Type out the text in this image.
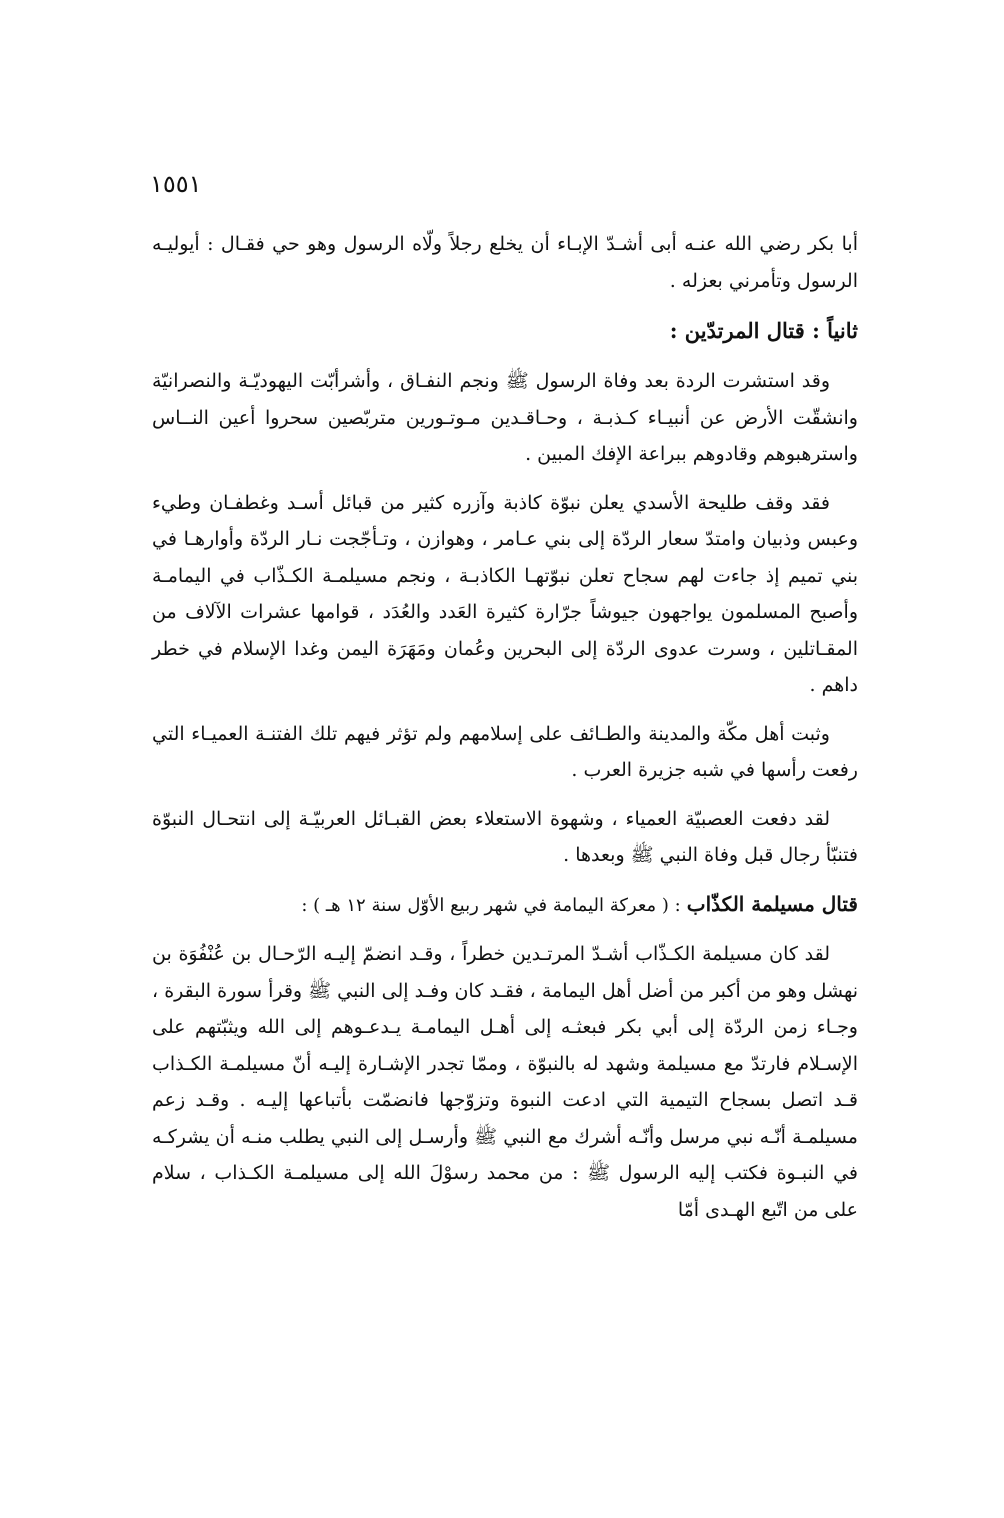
١٥٥١

أبا بكر رضي الله عنـه أبى أشـدّ الإبـاء أن يخلع رجلاً ولّاه الرسول وهو حي فقـال : أيوليـه الرسول وتأمرني بعزله .

ثانياً : قتال المرتدّين :

وقد استشرت الردة بعد وفاة الرسول ﷺ ونجم النفـاق ، وأشرأبّت اليهوديّـة والنصرانيّة وانشقّت الأرض عن أنبيـاء كـذبـة ، وحـاقـدين مـوتـورين متربّصين سحروا أعين النــاس واسترهبوهم وقادوهم ببراعة الإفك المبين .

فقد وقف طليحة الأسدي يعلن نبوّة كاذبة وآزره كثير من قبائل أسـد وغطفـان وطيء وعبس وذبيان وامتدّ سعار الردّة إلى بني عـامر ، وهوازن ، وتـأجّجت نـار الردّة وأوارهـا في بني تميم إذ جاءت لهم سجاح تعلن نبوّتهـا الكاذبـة ، ونجم مسيلمـة الكـذّاب في اليمامـة وأصبح المسلمون يواجهون جيوشاً جرّارة كثيرة العَدد والعُدَد ، قوامها عشرات الآلاف من المقـاتلين ، وسرت عدوى الردّة إلى البحرين وعُمان ومَهَرَة اليمن وغدا الإسلام في خطر داهم .

وثبت أهل مكّة والمدينة والطـائف على إسلامهم ولم تؤثر فيهم تلك الفتنـة العميـاء التي رفعت رأسها في شبه جزيرة العرب .

لقد دفعت العصبيّة العمياء ، وشهوة الاستعلاء بعض القبـائل العربيّـة إلى انتحـال النبوّة فتنبّأ رجال قبل وفاة النبي ﷺ وبعدها .

قتال مسيلمة الكذّاب : ( معركة اليمامة في شهر ربيع الأوّل سنة ١٢ هـ ) :

لقد كان مسيلمة الكـذّاب أشـدّ المرتـدين خطراً ، وقـد انضمّ إليـه الرّحـال بن عُنْفُوَة بن نهشل وهو من أكبر من أضل أهل اليمامة ، فقـد كان وفـد إلى النبي ﷺ وقرأ سورة البقرة ، وجـاء زمن الردّة إلى أبي بكر فبعثـه إلى أهـل اليمامـة يـدعـوهم إلى الله ويثبّتهم على الإسـلام فارتدّ مع مسيلمة وشهد له بالنبوّة ، وممّا تجدر الإشـارة إليـه أنّ مسيلمـة الكـذاب قـد اتصل بسجاح التيمية التي ادعت النبوة وتزوّجها فانضمّت بأتباعها إليـه . وقـد زعم مسيلمـة أنّـه نبي مرسل وأنّـه أشرك مع النبي ﷺ وأرسـل إلى النبي يطلب منـه أن يشركـه في النبـوة فكتب إليه الرسول ﷺ : من محمد رسوْلَ الله إلى مسيلمـة الكـذاب ، سلام على من اتّبع الهـدى أمّا
